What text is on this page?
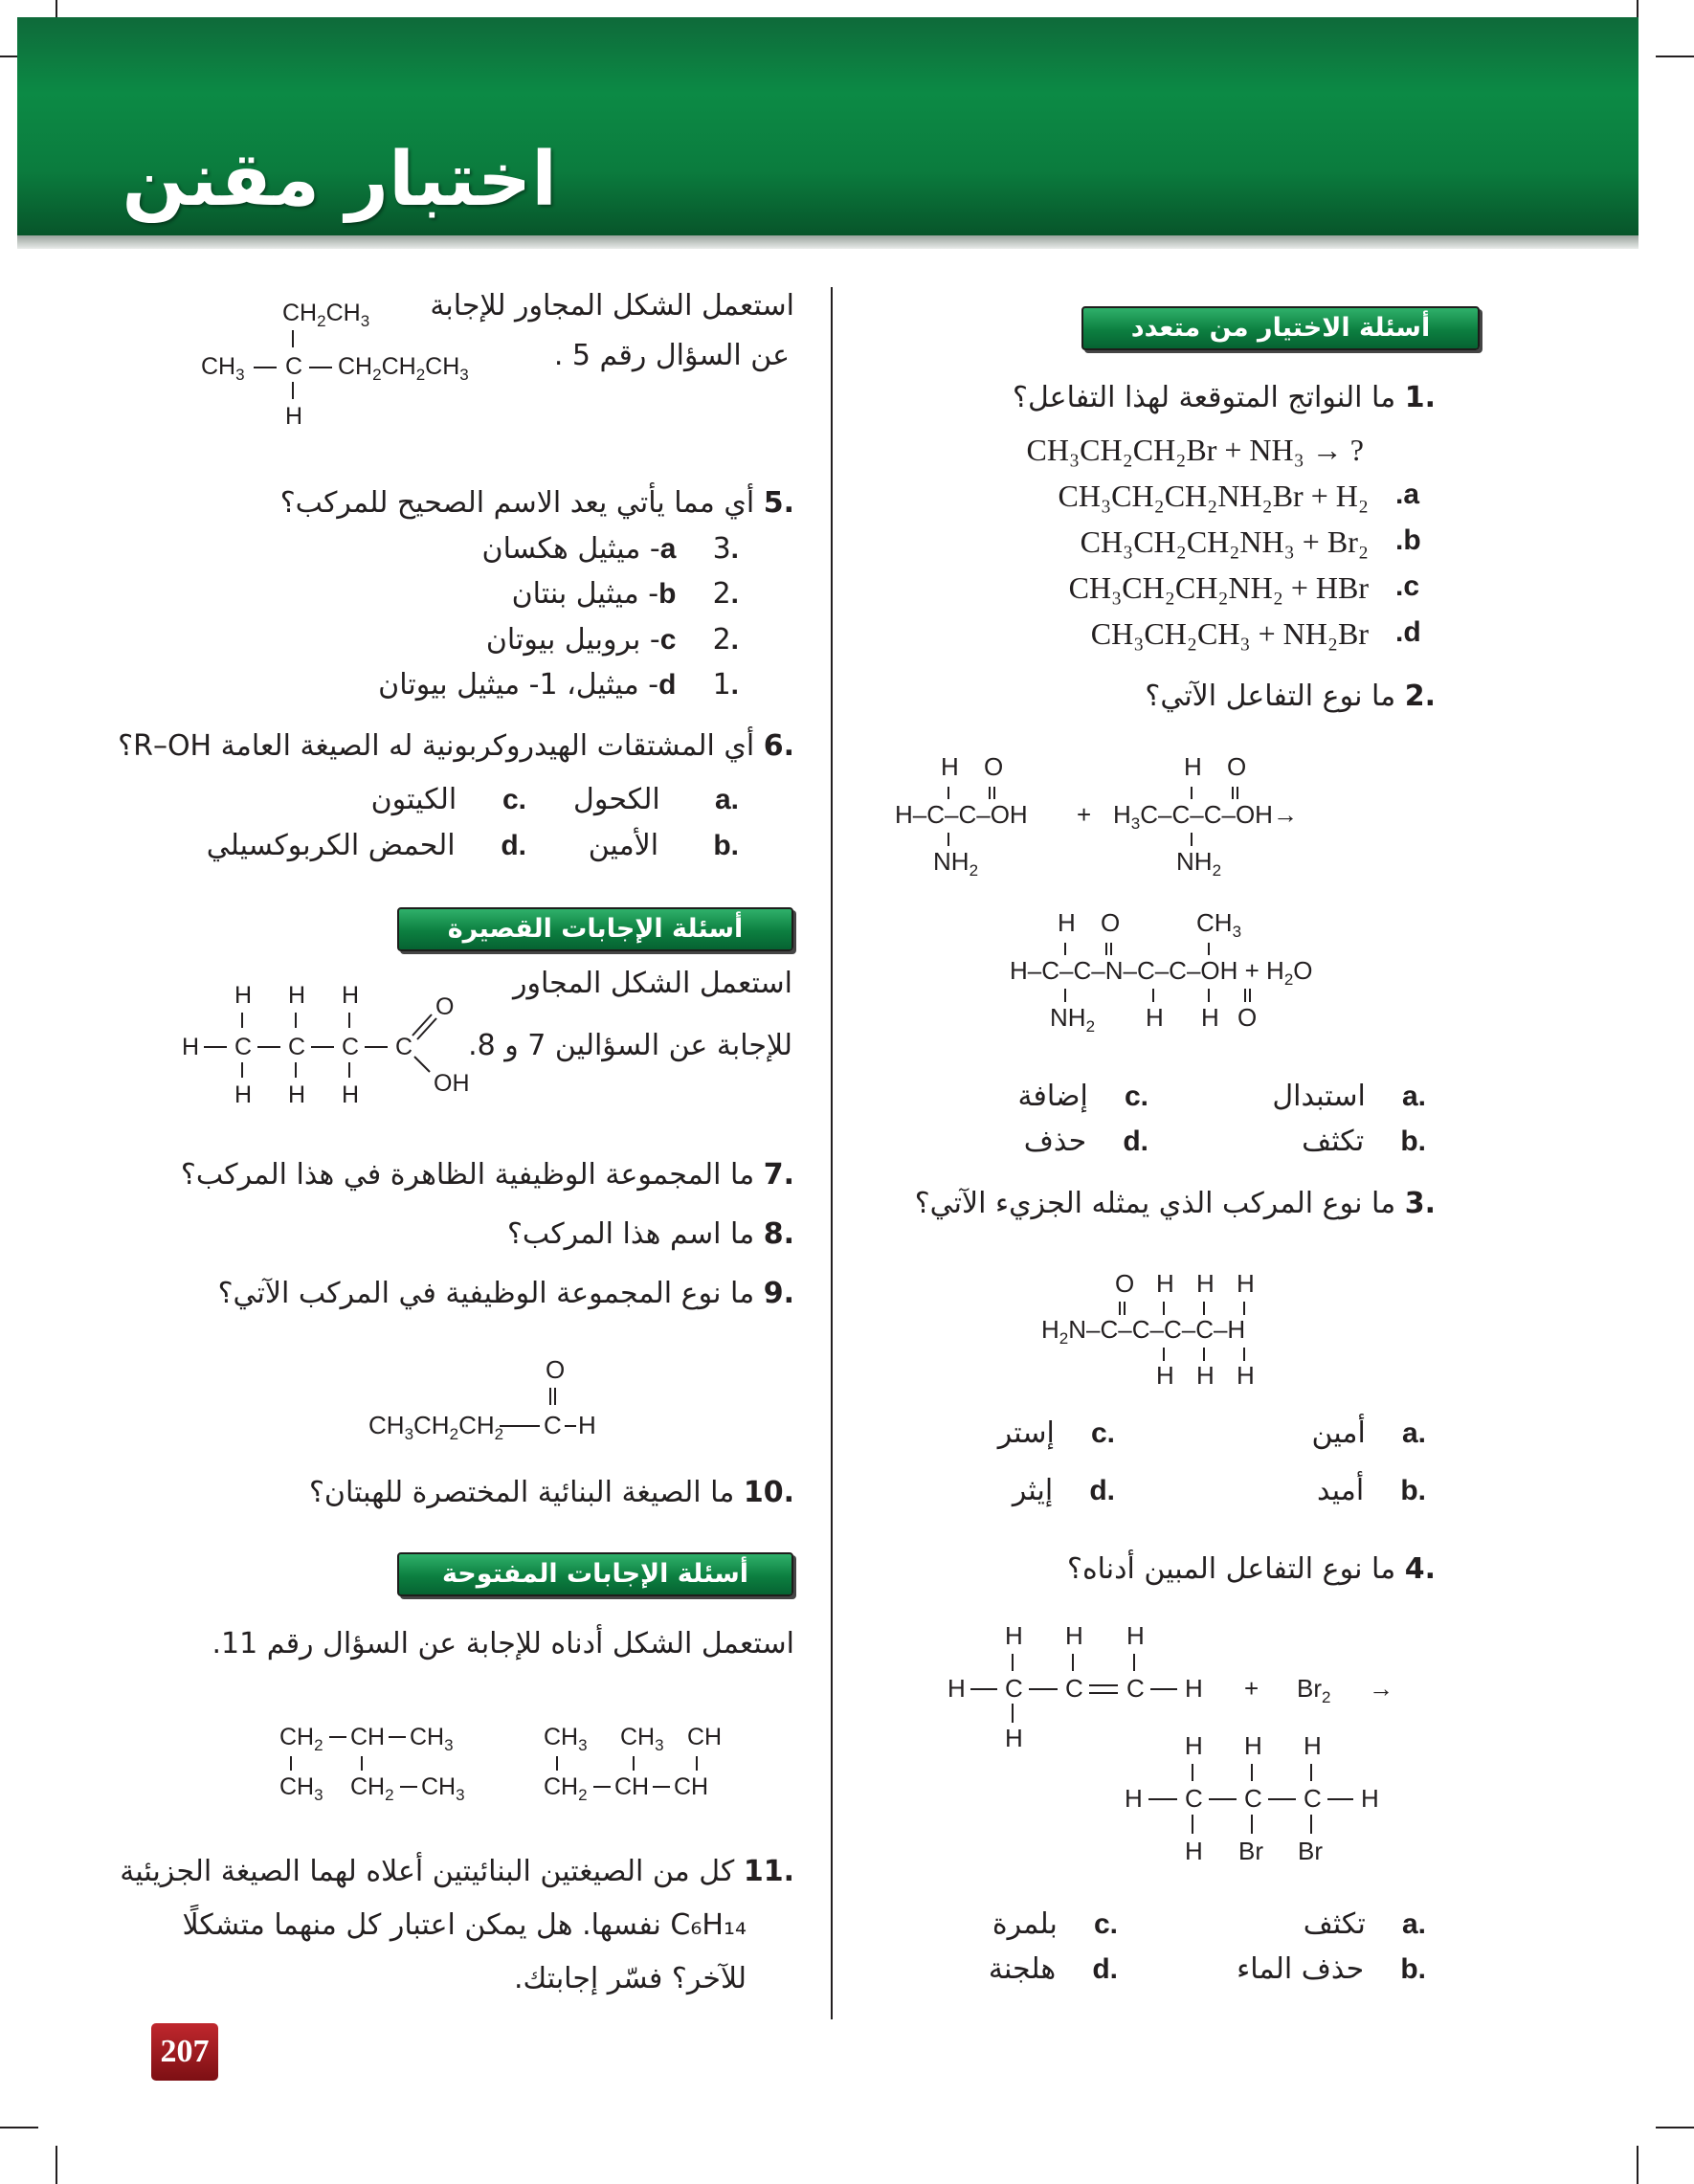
اختبار مقنن
أسئلة الاختيار من متعدد
.1 ما النواتج المتوقعة لهذا التفاعل؟
CH₃CH₂CH₂Br + NH₃ → ?
CH₃CH₂CH₂NH₂Br + H₂ .a
CH₃CH₂CH₂NH₃ + Br₂ .b
CH₃CH₂CH₂NH₂ + HBr .c
CH₃CH₂CH₃ + NH₂Br .d
.2 ما نوع التفاعل الآتي؟
H O
H–C–C–OH
$NH_2$
+
H O
$H_3C-C-C-OH\to$
$NH_2$
H O	$CH_3$
$H-C-C-N-C-C-OH + H_2O$
$NH_2$ H H O
.a    استبدال
.b    تكثف
.c    إضافة
.d    حذف
.3 ما نوع المركب الذي يمثله الجزيء الآتي؟
O H H H
$H_2N-C-C-C-C-H$
H H H
.a    أمين
.b    أميد
.c    إستر
.d    إيثر
.4 ما نوع التفاعل المبين أدناه؟
H H H
H C C C $H + Br_2$ →
H	H H H
H C C C H
H Br Br
.a    تكثف
.b    حذف الماء
.c    بلمرة
.d    هلجنة
استعمل الشكل المجاور للإجابة
عن السؤال رقم 5 .
$CH_2CH_3$
$CH_3$ C $CH_2CH_2CH_3$
H
.5 أي مما يأتي يعد الاسم الصحيح للمركب؟
.a    3- ميثيل هكسان
.b    2- ميثيل بنتان
.c    2- بروبيل بيوتان
.d    1- ميثيل، 1- ميثيل بيوتان
.6 أي المشتقات الهيدروكربونية له الصيغة العامة R–OH؟
.a      الكحول
.b      الأمين
.c     الكيتون
.d     الحمض الكربوكسيلي
أسئلة الإجابات القصيرة
استعمل الشكل المجاور
للإجابة عن السؤالين 7 و 8.
H H H
H C C C C
O
OH
H H H
.7 ما المجموعة الوظيفية الظاهرة في هذا المركب؟
.8 ما اسم هذا المركب؟
.9 ما نوع المجموعة الوظيفية في المركب الآتي؟
O
$CH_3CH_2CH_2$ C H
.10 ما الصيغة البنائية المختصرة للهبتان؟
أسئلة الإجابات المفتوحة
استعمل الشكل أدناه للإجابة عن السؤال رقم 11.
$CH_2$ CH $CH_3$
$CH_3$ $CH_2$ $CH_3$
$CH_3$ $CH_3$ CH
$CH_2$ CH CH
.11 كل من الصيغتين البنائيتين أعلاه لهما الصيغة الجزيئية
C₆H₁₄ نفسها. هل يمكن اعتبار كل منهما متشكلًا
للآخر؟ فسّر إجابتك.
207
